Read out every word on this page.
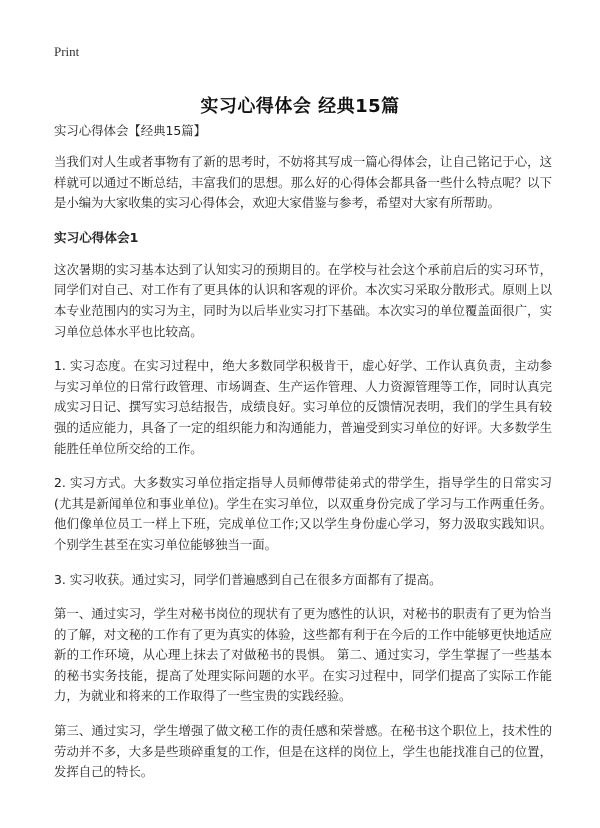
Print
实习心得体会 经典15篇
实习心得体会【经典15篇】

当我们对人生或者事物有了新的思考时，不妨将其写成一篇心得体会，让自己铭记于心，这样就可以通过不断总结，丰富我们的思想。那么好的心得体会都具备一些什么特点呢？以下是小编为大家收集的实习心得体会，欢迎大家借鉴与参考，希望对大家有所帮助。

实习心得体会1

这次暑期的实习基本达到了认知实习的预期目的。在学校与社会这个承前启后的实习环节，同学们对自己、对工作有了更具体的认识和客观的评价。本次实习采取分散形式。原则上以本专业范围内的实习为主，同时为以后毕业实习打下基础。本次实习的单位覆盖面很广，实习单位总体水平也比较高。

1. 实习态度。在实习过程中，绝大多数同学积极肯干，虚心好学、工作认真负责，主动参与实习单位的日常行政管理、市场调查、生产运作管理、人力资源管理等工作，同时认真完成实习日记、撰写实习总结报告，成绩良好。实习单位的反馈情况表明，我们的学生具有较强的适应能力，具备了一定的组织能力和沟通能力，普遍受到实习单位的好评。大多数学生能胜任单位所交给的工作。

2. 实习方式。大多数实习单位指定指导人员师傅带徒弟式的带学生，指导学生的日常实习(尤其是新闻单位和事业单位)。学生在实习单位，以双重身份完成了学习与工作两重任务。他们像单位员工一样上下班，完成单位工作;又以学生身份虚心学习，努力汲取实践知识。个别学生甚至在实习单位能够独当一面。

3. 实习收获。通过实习，同学们普遍感到自己在很多方面都有了提高。

第一、通过实习，学生对秘书岗位的现状有了更为感性的认识，对秘书的职责有了更为恰当的了解，对文秘的工作有了更为真实的体验，这些都有利于在今后的工作中能够更快地适应新的工作环境，从心理上抹去了对做秘书的畏惧。 第二、通过实习，学生掌握了一些基本的秘书实务技能，提高了处理实际问题的水平。在实习过程中，同学们提高了实际工作能力，为就业和将来的工作取得了一些宝贵的实践经验。

第三、通过实习，学生增强了做文秘工作的责任感和荣誉感。在秘书这个职位上，技术性的劳动并不多，大多是些琐碎重复的工作，但是在这样的岗位上，学生也能找准自己的位置，发挥自己的特长。
